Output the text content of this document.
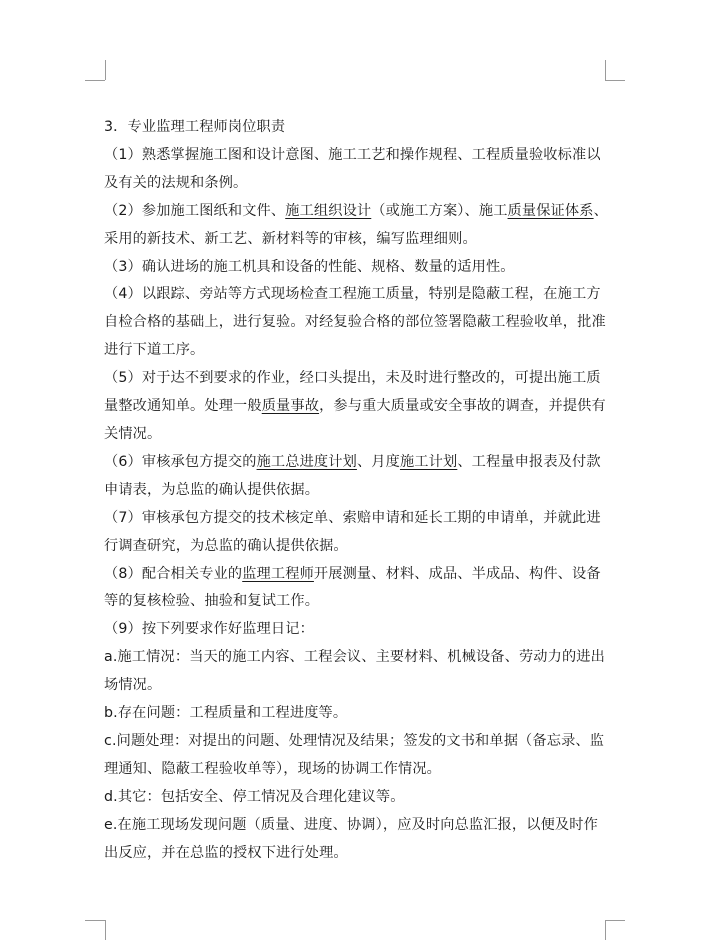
3．专业监理工程师岗位职责

（1）熟悉掌握施工图和设计意图、施工工艺和操作规程、工程质量验收标准以及有关的法规和条例。

（2）参加施工图纸和文件、施工组织设计（或施工方案）、施工质量保证体系、采用的新技术、新工艺、新材料等的审核，编写监理细则。

（3）确认进场的施工机具和设备的性能、规格、数量的适用性。

（4）以跟踪、旁站等方式现场检查工程施工质量，特别是隐蔽工程，在施工方自检合格的基础上，进行复验。对经复验合格的部位签署隐蔽工程验收单，批准进行下道工序。

（5）对于达不到要求的作业，经口头提出，未及时进行整改的，可提出施工质量整改通知单。处理一般质量事故，参与重大质量或安全事故的调查，并提供有关情况。

（6）审核承包方提交的施工总进度计划、月度施工计划、工程量申报表及付款申请表，为总监的确认提供依据。

（7）审核承包方提交的技术核定单、索赔申请和延长工期的申请单，并就此进行调查研究，为总监的确认提供依据。

（8）配合相关专业的监理工程师开展测量、材料、成品、半成品、构件、设备等的复核检验、抽验和复试工作。

（9）按下列要求作好监理日记：

a.施工情况：当天的施工内容、工程会议、主要材料、机械设备、劳动力的进出场情况。

b.存在问题：工程质量和工程进度等。

c.问题处理：对提出的问题、处理情况及结果；签发的文书和单据（备忘录、监理通知、隐蔽工程验收单等），现场的协调工作情况。

d.其它：包括安全、停工情况及合理化建议等。

e.在施工现场发现问题（质量、进度、协调），应及时向总监汇报，以便及时作出反应，并在总监的授权下进行处理。
